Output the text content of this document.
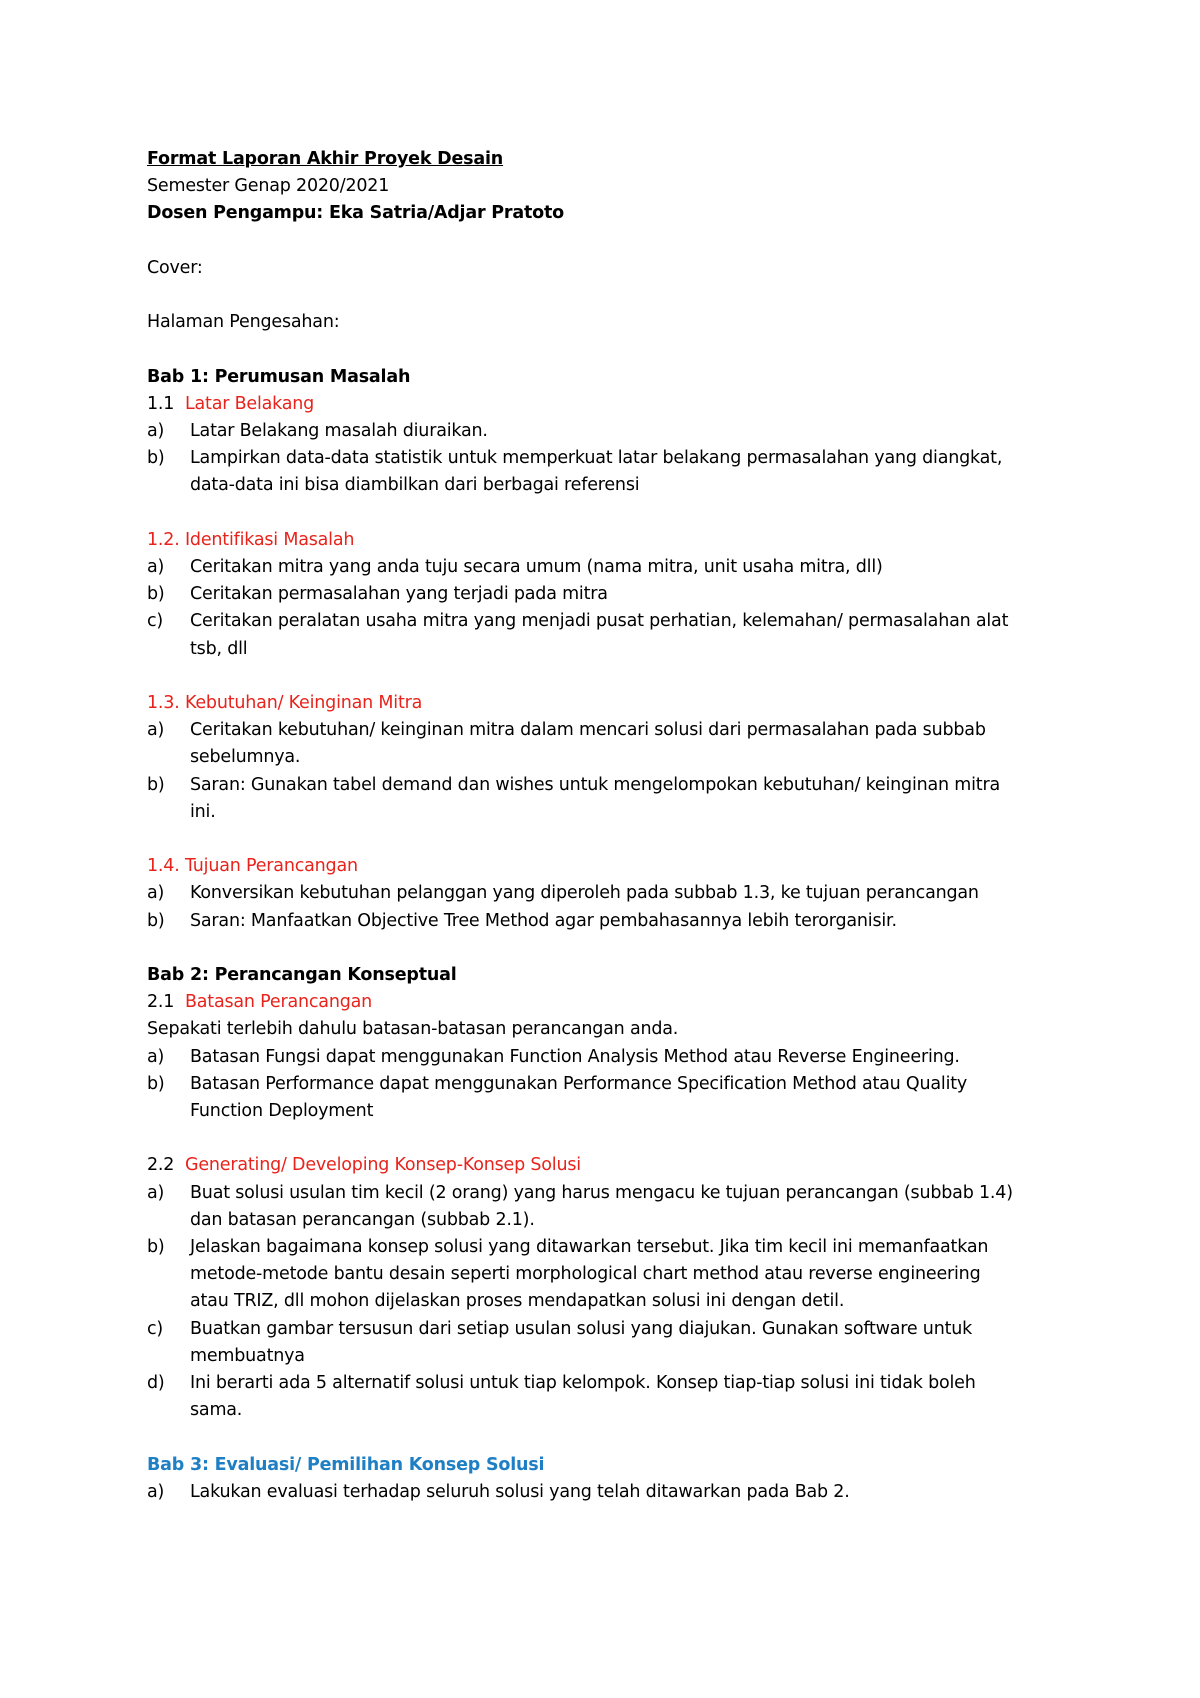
Format Laporan Akhir Proyek Desain
Semester Genap 2020/2021
Dosen Pengampu: Eka Satria/Adjar Pratoto
Cover:
Halaman Pengesahan:
Bab 1: Perumusan Masalah
1.1 Latar Belakang
a)	Latar Belakang masalah diuraikan.
b)	Lampirkan data-data statistik untuk memperkuat latar belakang permasalahan yang diangkat,
data-data ini bisa diambilkan dari berbagai referensi
1.2. Identifikasi Masalah
a)	Ceritakan mitra yang anda tuju secara umum (nama mitra, unit usaha mitra, dll)
b)	Ceritakan permasalahan yang terjadi pada mitra
c)	Ceritakan peralatan usaha mitra yang menjadi pusat perhatian, kelemahan/ permasalahan alat
tsb, dll
1.3. Kebutuhan/ Keinginan Mitra
a)	Ceritakan kebutuhan/ keinginan mitra dalam mencari solusi dari permasalahan pada subbab
sebelumnya.
b)	Saran: Gunakan tabel demand dan wishes untuk mengelompokan kebutuhan/ keinginan mitra
ini.
1.4. Tujuan Perancangan
a)	Konversikan kebutuhan pelanggan yang diperoleh pada subbab 1.3, ke tujuan perancangan
b)	Saran: Manfaatkan Objective Tree Method agar pembahasannya lebih terorganisir.
Bab 2: Perancangan Konseptual
2.1 Batasan Perancangan
Sepakati terlebih dahulu batasan-batasan perancangan anda.
a)	Batasan Fungsi dapat menggunakan Function Analysis Method atau Reverse Engineering.
b)	Batasan Performance dapat menggunakan Performance Specification Method atau Quality
Function Deployment
2.2 Generating/ Developing Konsep-Konsep Solusi
a)	Buat solusi usulan tim kecil (2 orang) yang harus mengacu ke tujuan perancangan (subbab 1.4)
dan batasan perancangan (subbab 2.1).
b)	Jelaskan bagaimana konsep solusi yang ditawarkan tersebut. Jika tim kecil ini memanfaatkan
metode-metode bantu desain seperti morphological chart method atau reverse engineering
atau TRIZ, dll mohon dijelaskan proses mendapatkan solusi ini dengan detil.
c)	Buatkan gambar tersusun dari setiap usulan solusi yang diajukan. Gunakan software untuk
membuatnya
d)	Ini berarti ada 5 alternatif solusi untuk tiap kelompok. Konsep tiap-tiap solusi ini tidak boleh
sama.
Bab 3: Evaluasi/ Pemilihan Konsep Solusi
a)	Lakukan evaluasi terhadap seluruh solusi yang telah ditawarkan pada Bab 2.
